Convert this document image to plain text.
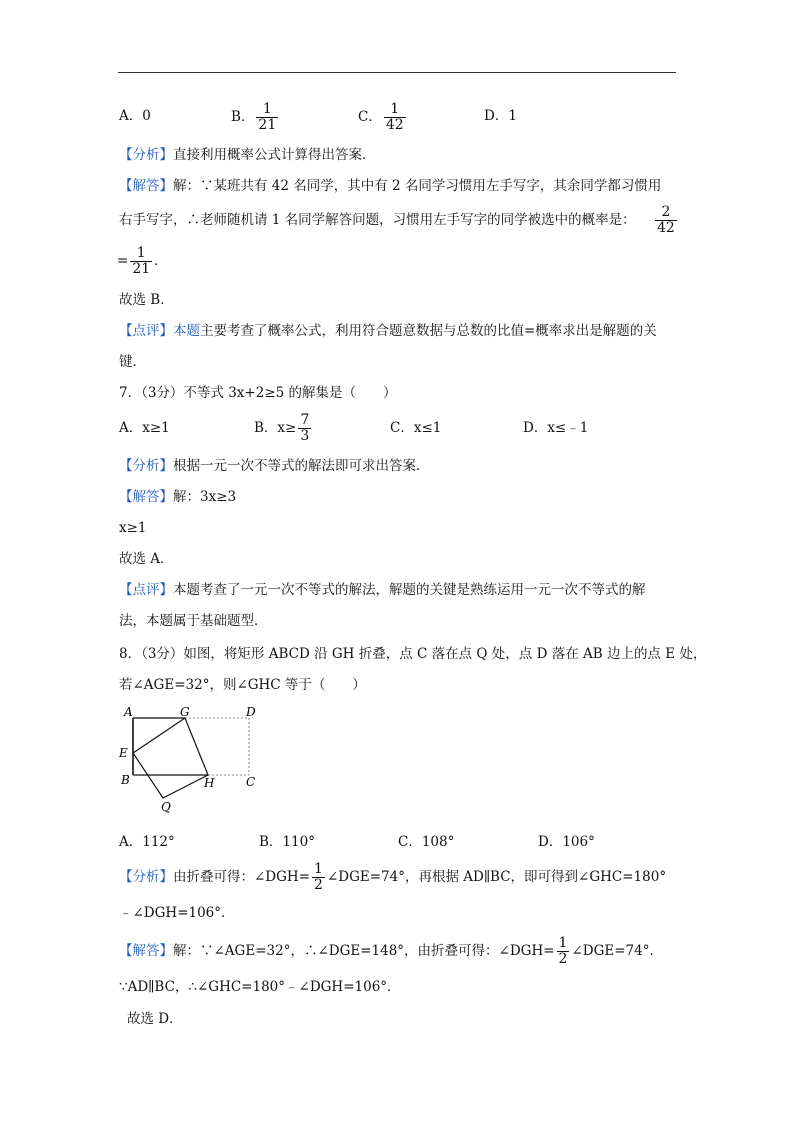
A．0	B． $\frac{1}{21}$	C． $\frac{1}{42}$	D．1
【分析】直接利用概率公式计算得出答案．
【解答】解：∵某班共有 42 名同学，其中有 2 名同学习惯用左手写字，其余同学都习惯用
右手写字，∴老师随机请 1 名同学解答问题，习惯用左手写字的同学被选中的概率是： $\frac{2}{42}$
= $\frac{1}{21}$ ．
故选 B．
【点评】本题主要考查了概率公式，利用符合题意数据与总数的比值=概率求出是解题的关
键．
7．（3分）不等式 3x+2≥5 的解集是（　　）
A．x≥1	B．$x\ge \frac{7}{3}$	C．x≤1	D．x≤﹣1
【分析】根据一元一次不等式的解法即可求出答案．
【解答】解：3x≥3
x≥1
故选 A．
【点评】本题考查了一元一次不等式的解法，解题的关键是熟练运用一元一次不等式的解
法，本题属于基础题型．
8．（3分）如图，将矩形 ABCD 沿 GH 折叠，点 C 落在点 Q 处，点 D 落在 AB 边上的点 E 处，
若∠AGE=32°，则∠GHC 等于（　　）
A	G	D
E
B	H	C
Q
A．112°	B．110°	C．108°	D．106°
【分析】由折叠可得：∠DGH= $\frac{1}{2}$ ∠DGE=74°，再根据 AD∥BC，即可得到∠GHC=180°
﹣∠DGH=106°．
【解答】解：∵∠AGE=32°，∴∠DGE=148°，由折叠可得：∠DGH= $\frac{1}{2}$ ∠DGE=74°．
∵AD∥BC，∴∠GHC=180°﹣∠DGH=106°．
故选 D．
